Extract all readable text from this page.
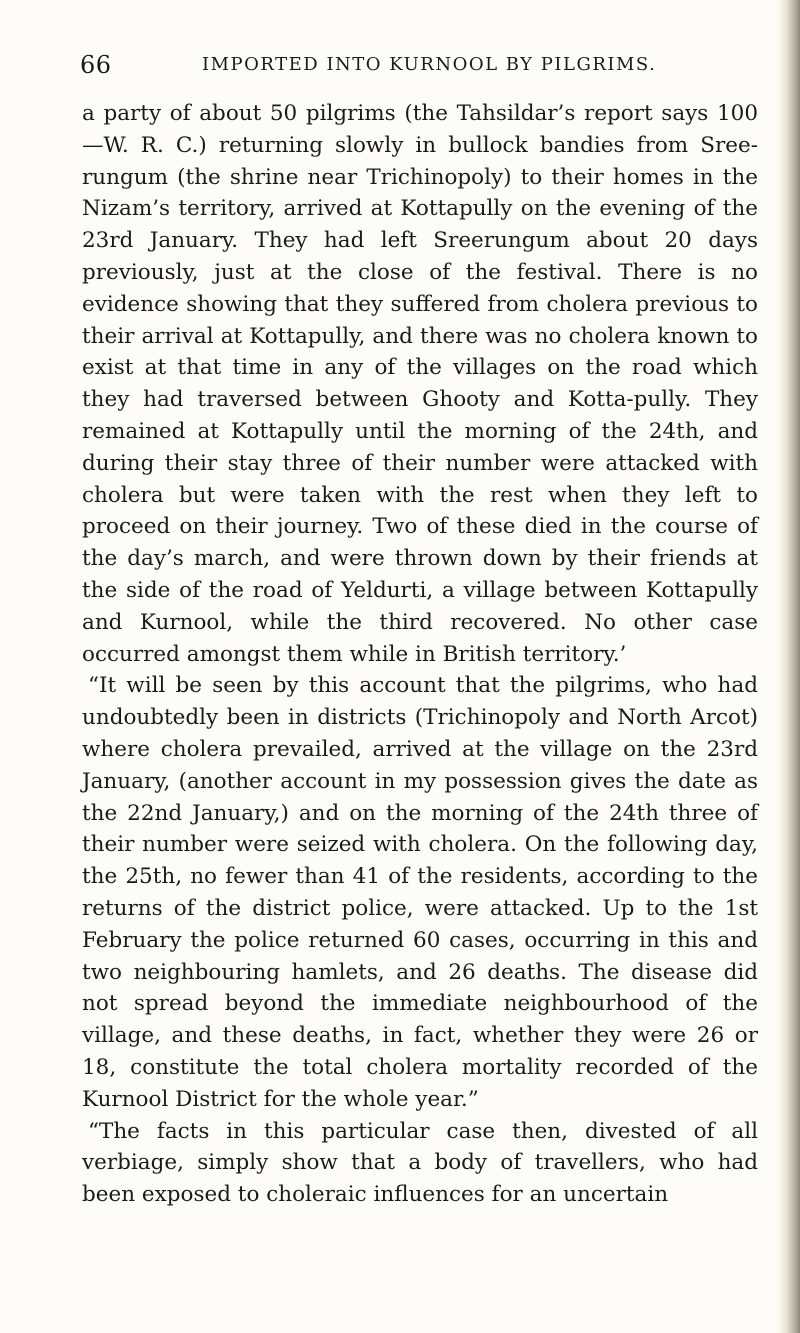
66	IMPORTED INTO KURNOOL BY PILGRIMS.

a party of about 50 pilgrims (the Tahsildar’s report says 100 —W. R. C.) returning slowly in bullock bandies from Sree-rungum (the shrine near Trichinopoly) to their homes in the Nizam’s territory, arrived at Kottapully on the evening of the 23rd January. They had left Sreerungum about 20 days previously, just at the close of the festival. There is no evidence showing that they suffered from cholera previous to their arrival at Kottapully, and there was no cholera known to exist at that time in any of the villages on the road which they had traversed between Ghooty and Kotta-pully. They remained at Kottapully until the morning of the 24th, and during their stay three of their number were attacked with cholera but were taken with the rest when they left to proceed on their journey. Two of these died in the course of the day’s march, and were thrown down by their friends at the side of the road of Yeldurti, a village between Kottapully and Kurnool, while the third recovered. No other case occurred amongst them while in British territory.’

“It will be seen by this account that the pilgrims, who had undoubtedly been in districts (Trichinopoly and North Arcot) where cholera prevailed, arrived at the village on the 23rd January, (another account in my possession gives the date as the 22nd January,) and on the morning of the 24th three of their number were seized with cholera. On the following day, the 25th, no fewer than 41 of the residents, according to the returns of the district police, were attacked. Up to the 1st February the police returned 60 cases, occurring in this and two neighbouring hamlets, and 26 deaths. The disease did not spread beyond the immediate neighbourhood of the village, and these deaths, in fact, whether they were 26 or 18, constitute the total cholera mortality recorded of the Kurnool District for the whole year.”

“The facts in this particular case then, divested of all verbiage, simply show that a body of travellers, who had been exposed to choleraic influences for an uncertain
